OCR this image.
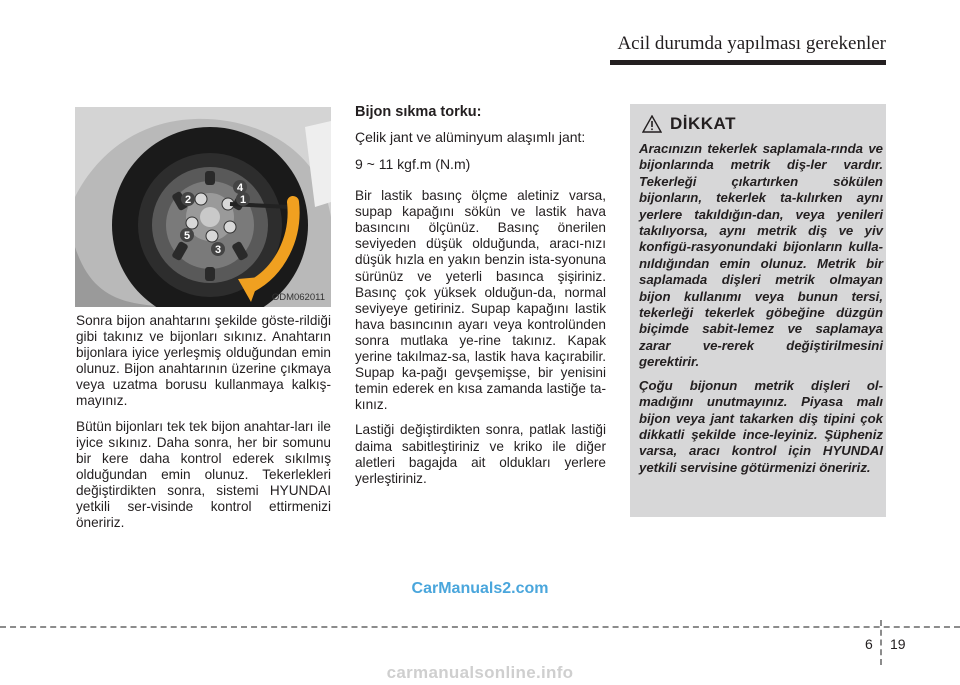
Acil durumda yapılması gerekenler
1
2
3
4
5
ODM062011

Sonra bijon anahtarını şekilde göste-rildiği gibi takınız ve bijonları sıkınız. Anahtarın bijonlara iyice yerleşmiş olduğundan emin olunuz. Bijon anahtarının üzerine çıkmaya veya uzatma borusu kullanmaya kalkış-mayınız.

Bütün bijonları tek tek bijon anahtar-ları ile iyice sıkınız. Daha sonra, her bir somunu bir kere daha kontrol ederek sıkılmış olduğundan emin olunuz. Tekerlekleri değiştirdikten sonra, sistemi HYUNDAI yetkili ser-visinde kontrol ettirmenizi öneririz.

Bijon sıkma torku:
Çelik jant ve alüminyum alaşımlı jant:
9 ~ 11 kgf.m (N.m)

Bir lastik basınç ölçme aletiniz varsa, supap kapağını sökün ve lastik hava basıncını ölçünüz. Basınç önerilen seviyeden düşük olduğunda, aracı-nızı düşük hızla en yakın benzin ista-syonuna sürünüz ve yeterli basınca şişiriniz. Basınç çok yüksek olduğun-da, normal seviyeye getiriniz. Supap kapağını lastik hava basıncının ayarı veya kontrolünden sonra mutlaka ye-rine takınız. Kapak yerine takılmaz-sa, lastik hava kaçırabilir. Supap ka-pağı gevşemişse, bir yenisini temin ederek en kısa zamanda lastiğe ta-kınız.

Lastiği değiştirdikten sonra, patlak lastiği daima sabitleştiriniz ve kriko ile diğer aletleri bagajda ait oldukları yerlere yerleştiriniz.

DİKKAT

Aracınızın tekerlek saplamala-rında ve bijonlarında metrik diş-ler vardır. Tekerleği çıkartırken sökülen bijonların, tekerlek ta-kılırken aynı yerlere takıldığın-dan, veya yenileri takılıyorsa, aynı metrik diş ve yiv konfigü-rasyonundaki bijonların kulla-nıldığından emin olunuz. Metrik bir saplamada dişleri metrik olmayan bijon kullanımı veya bunun tersi, tekerleği tekerlek göbeğine düzgün biçimde sabit-lemez ve saplamaya zarar ve-rerek değiştirilmesini gerektirir.

Çoğu bijonun metrik dişleri ol-madığını unutmayınız. Piyasa malı bijon veya jant takarken diş tipini çok dikkatli şekilde ince-leyiniz. Şüpheniz varsa, aracı kontrol için HYUNDAI yetkili servisine götürmenizi öneririz.

CarManuals2.com
6 19
carmanualsonline.info
